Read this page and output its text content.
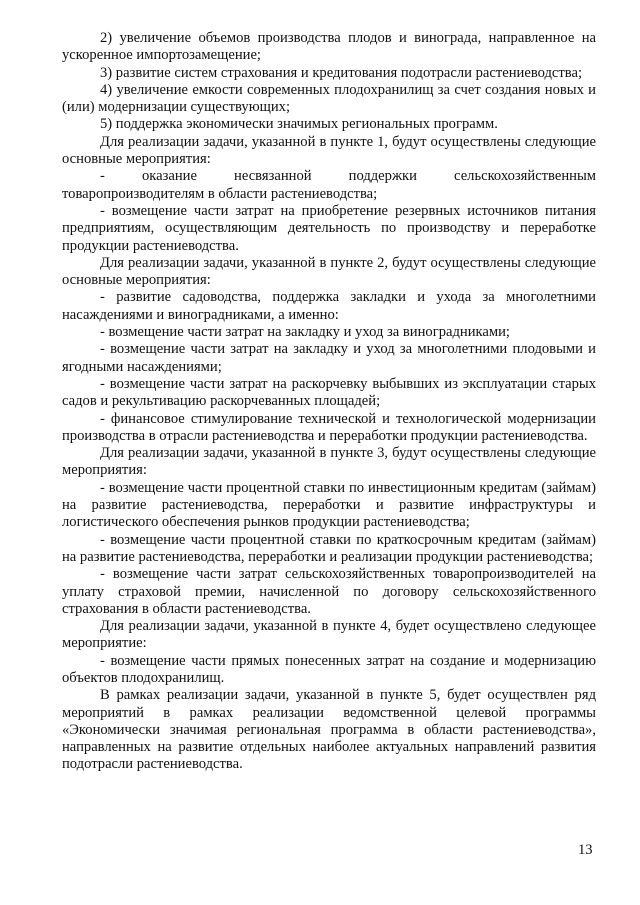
2) увеличение объемов производства плодов и винограда, направленное на ускоренное импортозамещение;

3) развитие систем страхования и кредитования подотрасли растениеводства;

4) увеличение емкости современных плодохранилищ за счет создания новых и (или) модернизации существующих;

5) поддержка экономически значимых региональных программ.

Для реализации задачи, указанной в пункте 1, будут осуществлены следующие основные мероприятия:

- оказание несвязанной поддержки сельскохозяйственным товаропроизводителям в области растениеводства;

- возмещение части затрат на приобретение резервных источников питания предприятиям, осуществляющим деятельность по производству и переработке продукции растениеводства.

Для реализации задачи, указанной в пункте 2, будут осуществлены следующие основные мероприятия:

- развитие садоводства, поддержка закладки и ухода за многолетними насаждениями и виноградниками, а именно:

- возмещение части затрат на закладку и уход за виноградниками;

- возмещение части затрат на закладку и уход за многолетними плодовыми и ягодными насаждениями;

- возмещение части затрат на раскорчевку выбывших из эксплуатации старых садов и рекультивацию раскорчеванных площадей;

- финансовое стимулирование технической и технологической модернизации производства в отрасли растениеводства и переработки продукции растениеводства.

Для реализации задачи, указанной в пункте 3, будут осуществлены следующие мероприятия:

- возмещение части процентной ставки по инвестиционным кредитам (займам) на развитие растениеводства, переработки и развитие инфраструктуры и логистического обеспечения рынков продукции растениеводства;

- возмещение части процентной ставки по краткосрочным кредитам (займам) на развитие растениеводства, переработки и реализации продукции растениеводства;

- возмещение части затрат сельскохозяйственных товаропроизводителей на уплату страховой премии, начисленной по договору сельскохозяйственного страхования в области растениеводства.

Для реализации задачи, указанной в пункте 4, будет осуществлено следующее мероприятие:

- возмещение части прямых понесенных затрат на создание и модернизацию объектов плодохранилищ.

В рамках реализации задачи, указанной в пункте 5, будет осуществлен ряд мероприятий в рамках реализации ведомственной целевой программы «Экономически значимая региональная программа в области растениеводства», направленных на развитие отдельных наиболее актуальных направлений развития подотрасли растениеводства.

13
